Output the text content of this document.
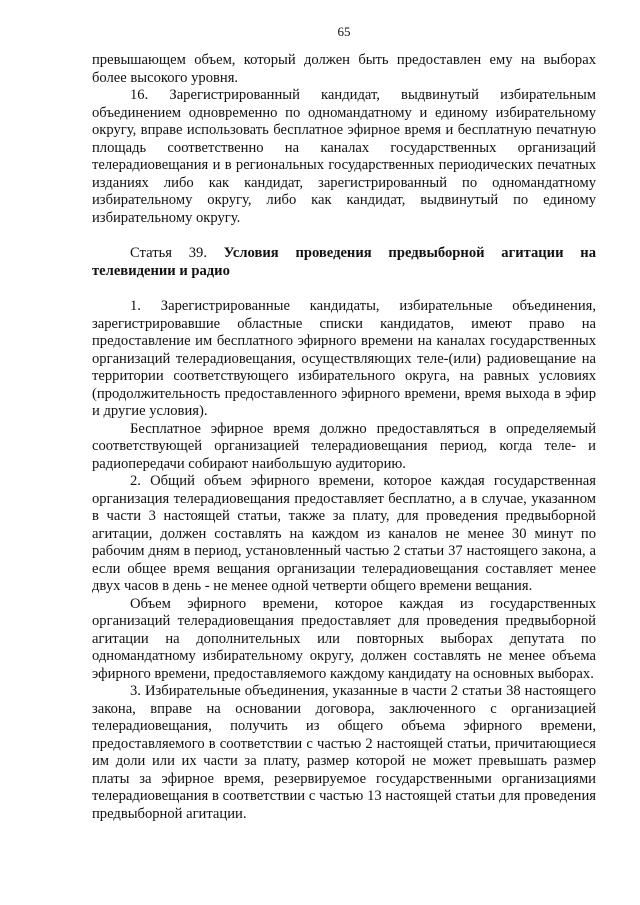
65

превышающем объем, который должен быть предоставлен ему на выборах более высокого уровня.

16. Зарегистрированный кандидат, выдвинутый избирательным объединением одновременно по одномандатному и единому избирательному округу, вправе использовать бесплатное эфирное время и бесплатную печатную площадь соответственно на каналах государственных организаций телерадиовещания и в региональных государственных периодических печатных изданиях либо как кандидат, зарегистрированный по одномандатному избирательному округу, либо как кандидат, выдвинутый по единому избирательному округу.

Статья 39. Условия проведения предвыборной агитации на телевидении и радио

1. Зарегистрированные кандидаты, избирательные объединения, зарегистрировавшие областные списки кандидатов, имеют право на предоставление им бесплатного эфирного времени на каналах государственных организаций телерадиовещания, осуществляющих теле-(или) радиовещание на территории соответствующего избирательного округа, на равных условиях (продолжительность предоставленного эфирного времени, время выхода в эфир и другие условия).

Бесплатное эфирное время должно предоставляться в определяемый соответствующей организацией телерадиовещания период, когда теле- и радиопередачи собирают наибольшую аудиторию.

2. Общий объем эфирного времени, которое каждая государственная организация телерадиовещания предоставляет бесплатно, а в случае, указанном в части 3 настоящей статьи, также за плату, для проведения предвыборной агитации, должен составлять на каждом из каналов не менее 30 минут по рабочим дням в период, установленный частью 2 статьи 37 настоящего закона, а если общее время вещания организации телерадиовещания составляет менее двух часов в день - не менее одной четверти общего времени вещания.

Объем эфирного времени, которое каждая из государственных организаций телерадиовещания предоставляет для проведения предвыборной агитации на дополнительных или повторных выборах депутата по одномандатному избирательному округу, должен составлять не менее объема эфирного времени, предоставляемого каждому кандидату на основных выборах.

3. Избирательные объединения, указанные в части 2 статьи 38 настоящего закона, вправе на основании договора, заключенного с организацией телерадиовещания, получить из общего объема эфирного времени, предоставляемого в соответствии с частью 2 настоящей статьи, причитающиеся им доли или их части за плату, размер которой не может превышать размер платы за эфирное время, резервируемое государственными организациями телерадиовещания в соответствии с частью 13 настоящей статьи для проведения предвыборной агитации.
